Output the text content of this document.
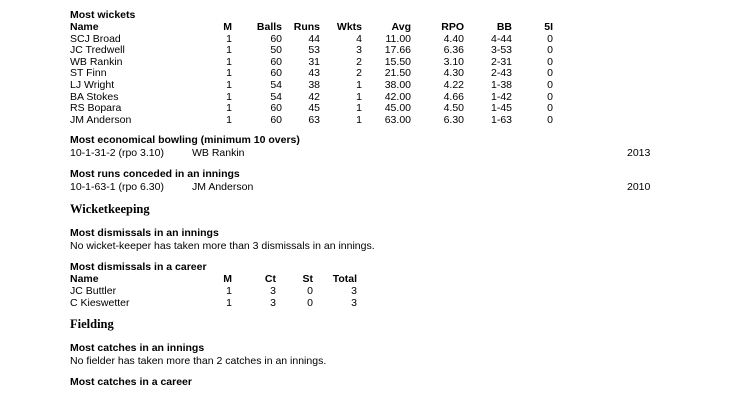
Most wickets
Name	M	Balls	Runs	Wkts	Avg	RPO	BB	5I
SCJ Broad	1	60	44	4	11.00	4.40	4-44	0
JC Tredwell	1	50	53	3	17.66	6.36	3-53	0
WB Rankin	1	60	31	2	15.50	3.10	2-31	0
ST Finn	1	60	43	2	21.50	4.30	2-43	0
LJ Wright	1	54	38	1	38.00	4.22	1-38	0
BA Stokes	1	54	42	1	42.00	4.66	1-42	0
RS Bopara	1	60	45	1	45.00	4.50	1-45	0
JM Anderson	1	60	63	1	63.00	6.30	1-63	0
Most economical bowling (minimum 10 overs)
10-1-31-2 (rpo 3.10)	WB Rankin	2013
Most runs conceded in an innings
10-1-63-1 (rpo 6.30)	JM Anderson	2010
Wicketkeeping
Most dismissals in an innings
No wicket-keeper has taken more than 3 dismissals in an innings.
Most dismissals in a career
Name	M	Ct	St	Total
JC Buttler	1	3	0	3
C Kieswetter	1	3	0	3
Fielding
Most catches in an innings
No fielder has taken more than 2 catches in an innings.
Most catches in a career
